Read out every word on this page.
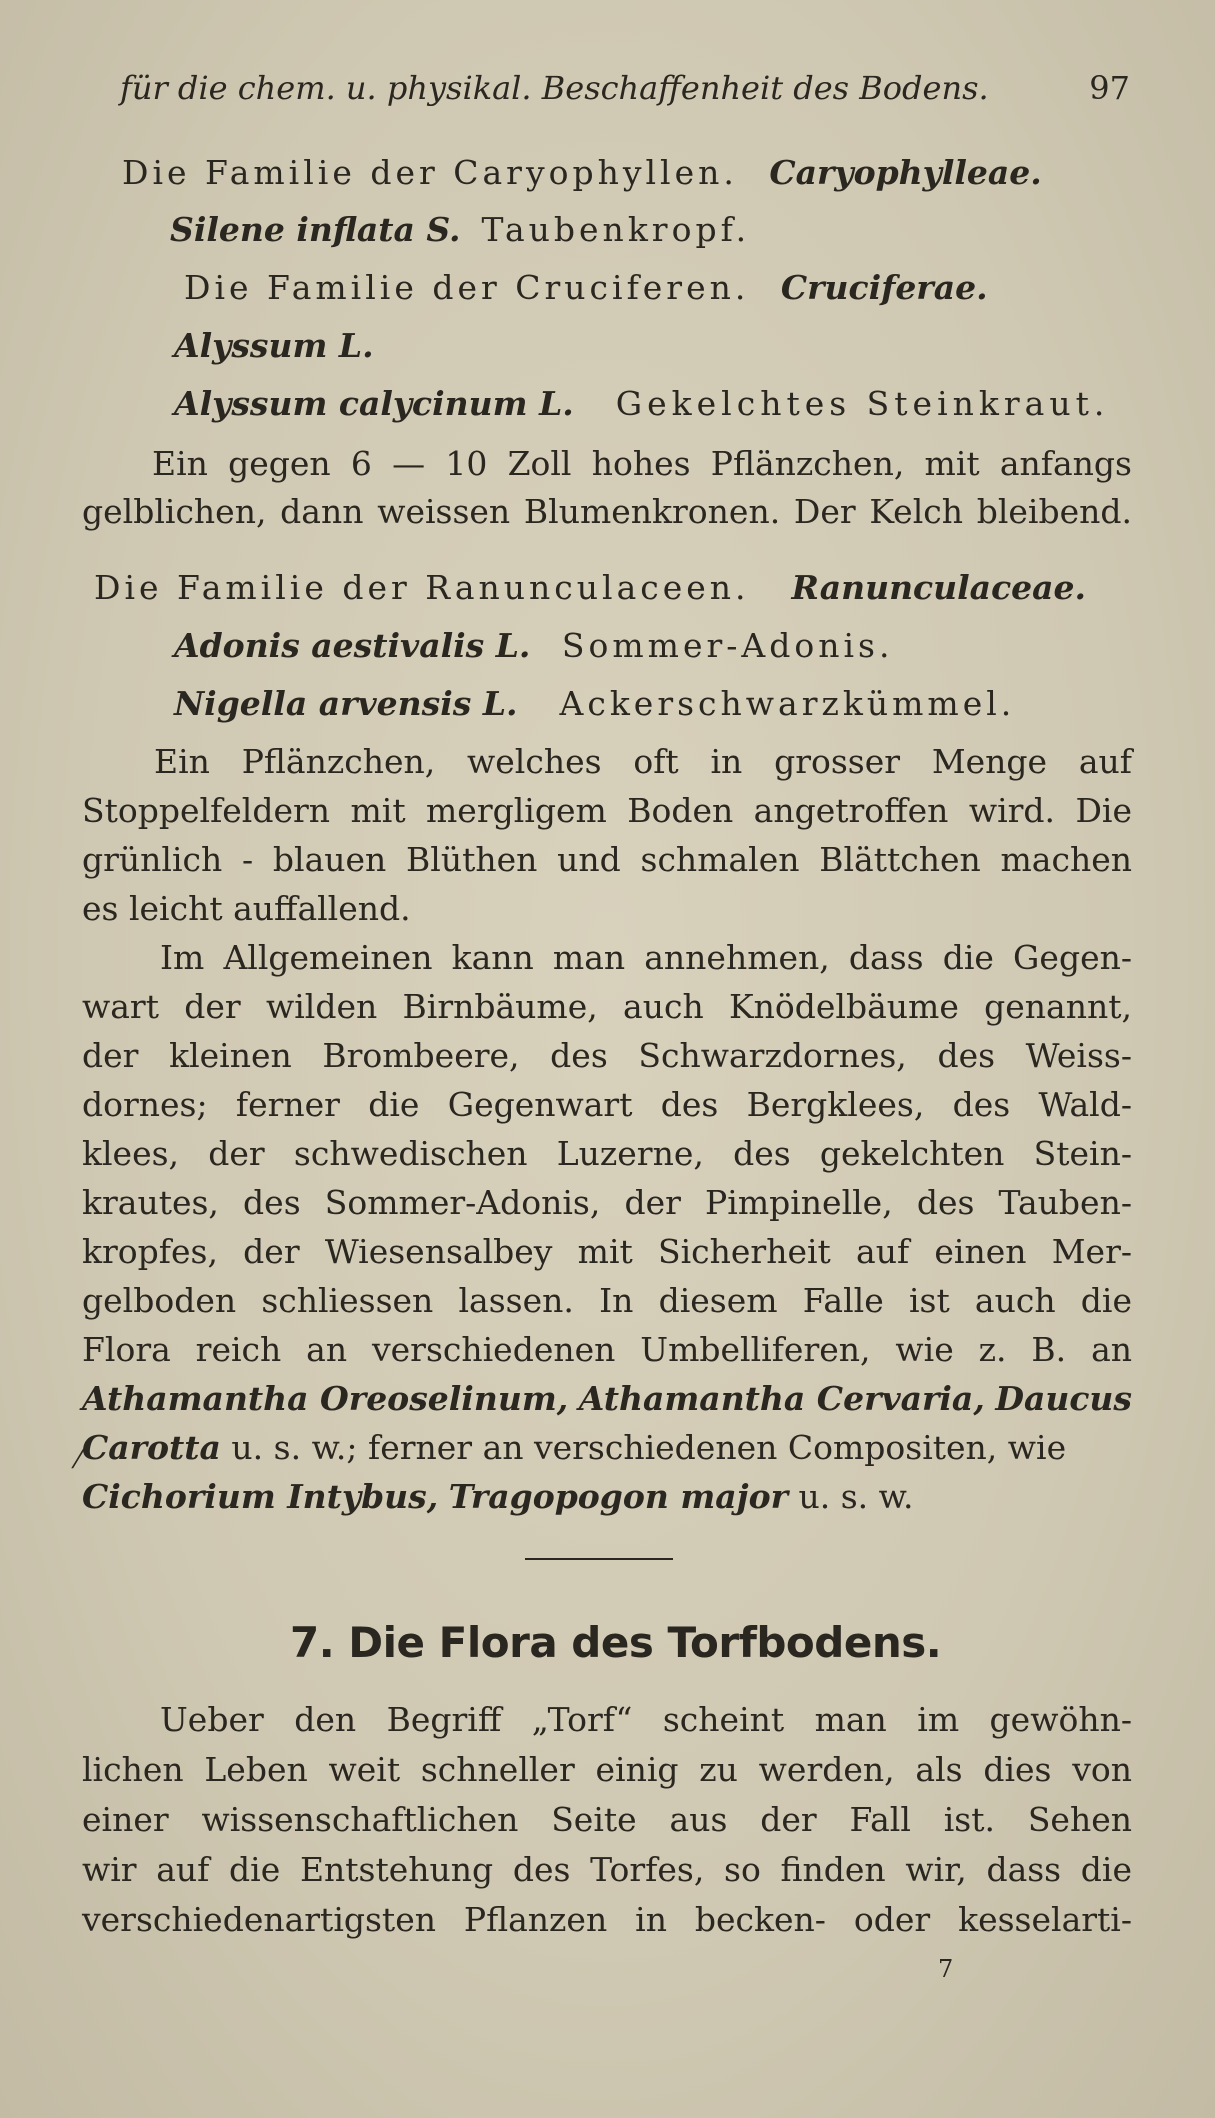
für die chem. u. physikal. Beschaffenheit des Bodens.	97
Die Familie der Caryophyllen. Caryophylleae.
Silene inflata S. Taubenkropf.
Die Familie der Cruciferen. Cruciferae.
Alyssum L.
Alyssum calycinum L. Gekelchtes Steinkraut.
Ein gegen 6 — 10 Zoll hohes Pflänzchen, mit anfangs
gelblichen, dann weissen Blumenkronen. Der Kelch bleibend.
Die Familie der Ranunculaceen. Ranunculaceae.
Adonis aestivalis L. Sommer-Adonis.
Nigella arvensis L. Ackerschwarzkümmel.
Ein Pflänzchen, welches oft in grosser Menge auf
Stoppelfeldern mit mergligem Boden angetroffen wird. Die
grünlich - blauen Blüthen und schmalen Blättchen machen
es leicht auffallend.
Im Allgemeinen kann man annehmen, dass die Gegen-
wart der wilden Birnbäume, auch Knödelbäume genannt,
der kleinen Brombeere, des Schwarzdornes, des Weiss-
dornes; ferner die Gegenwart des Bergklees, des Wald-
klees, der schwedischen Luzerne, des gekelchten Stein-
krautes, des Sommer-Adonis, der Pimpinelle, des Tauben-
kropfes, der Wiesensalbey mit Sicherheit auf einen Mer-
gelboden schliessen lassen. In diesem Falle ist auch die
Flora reich an verschiedenen Umbelliferen, wie z. B. an
Athamantha Oreoselinum, Athamantha Cervaria, Daucus
Carotta u. s. w.; ferner an verschiedenen Compositen, wie
Cichorium Intybus, Tragopogon major u. s. w.
Ueber den Begriff „Torf“ scheint man im gewöhn-
lichen Leben weit schneller einig zu werden, als dies von
einer wissenschaftlichen Seite aus der Fall ist. Sehen
wir auf die Entstehung des Torfes, so finden wir, dass die
verschiedenartigsten Pflanzen in becken- oder kesselarti-
⁄
7. Die Flora des Torfbodens.
7
